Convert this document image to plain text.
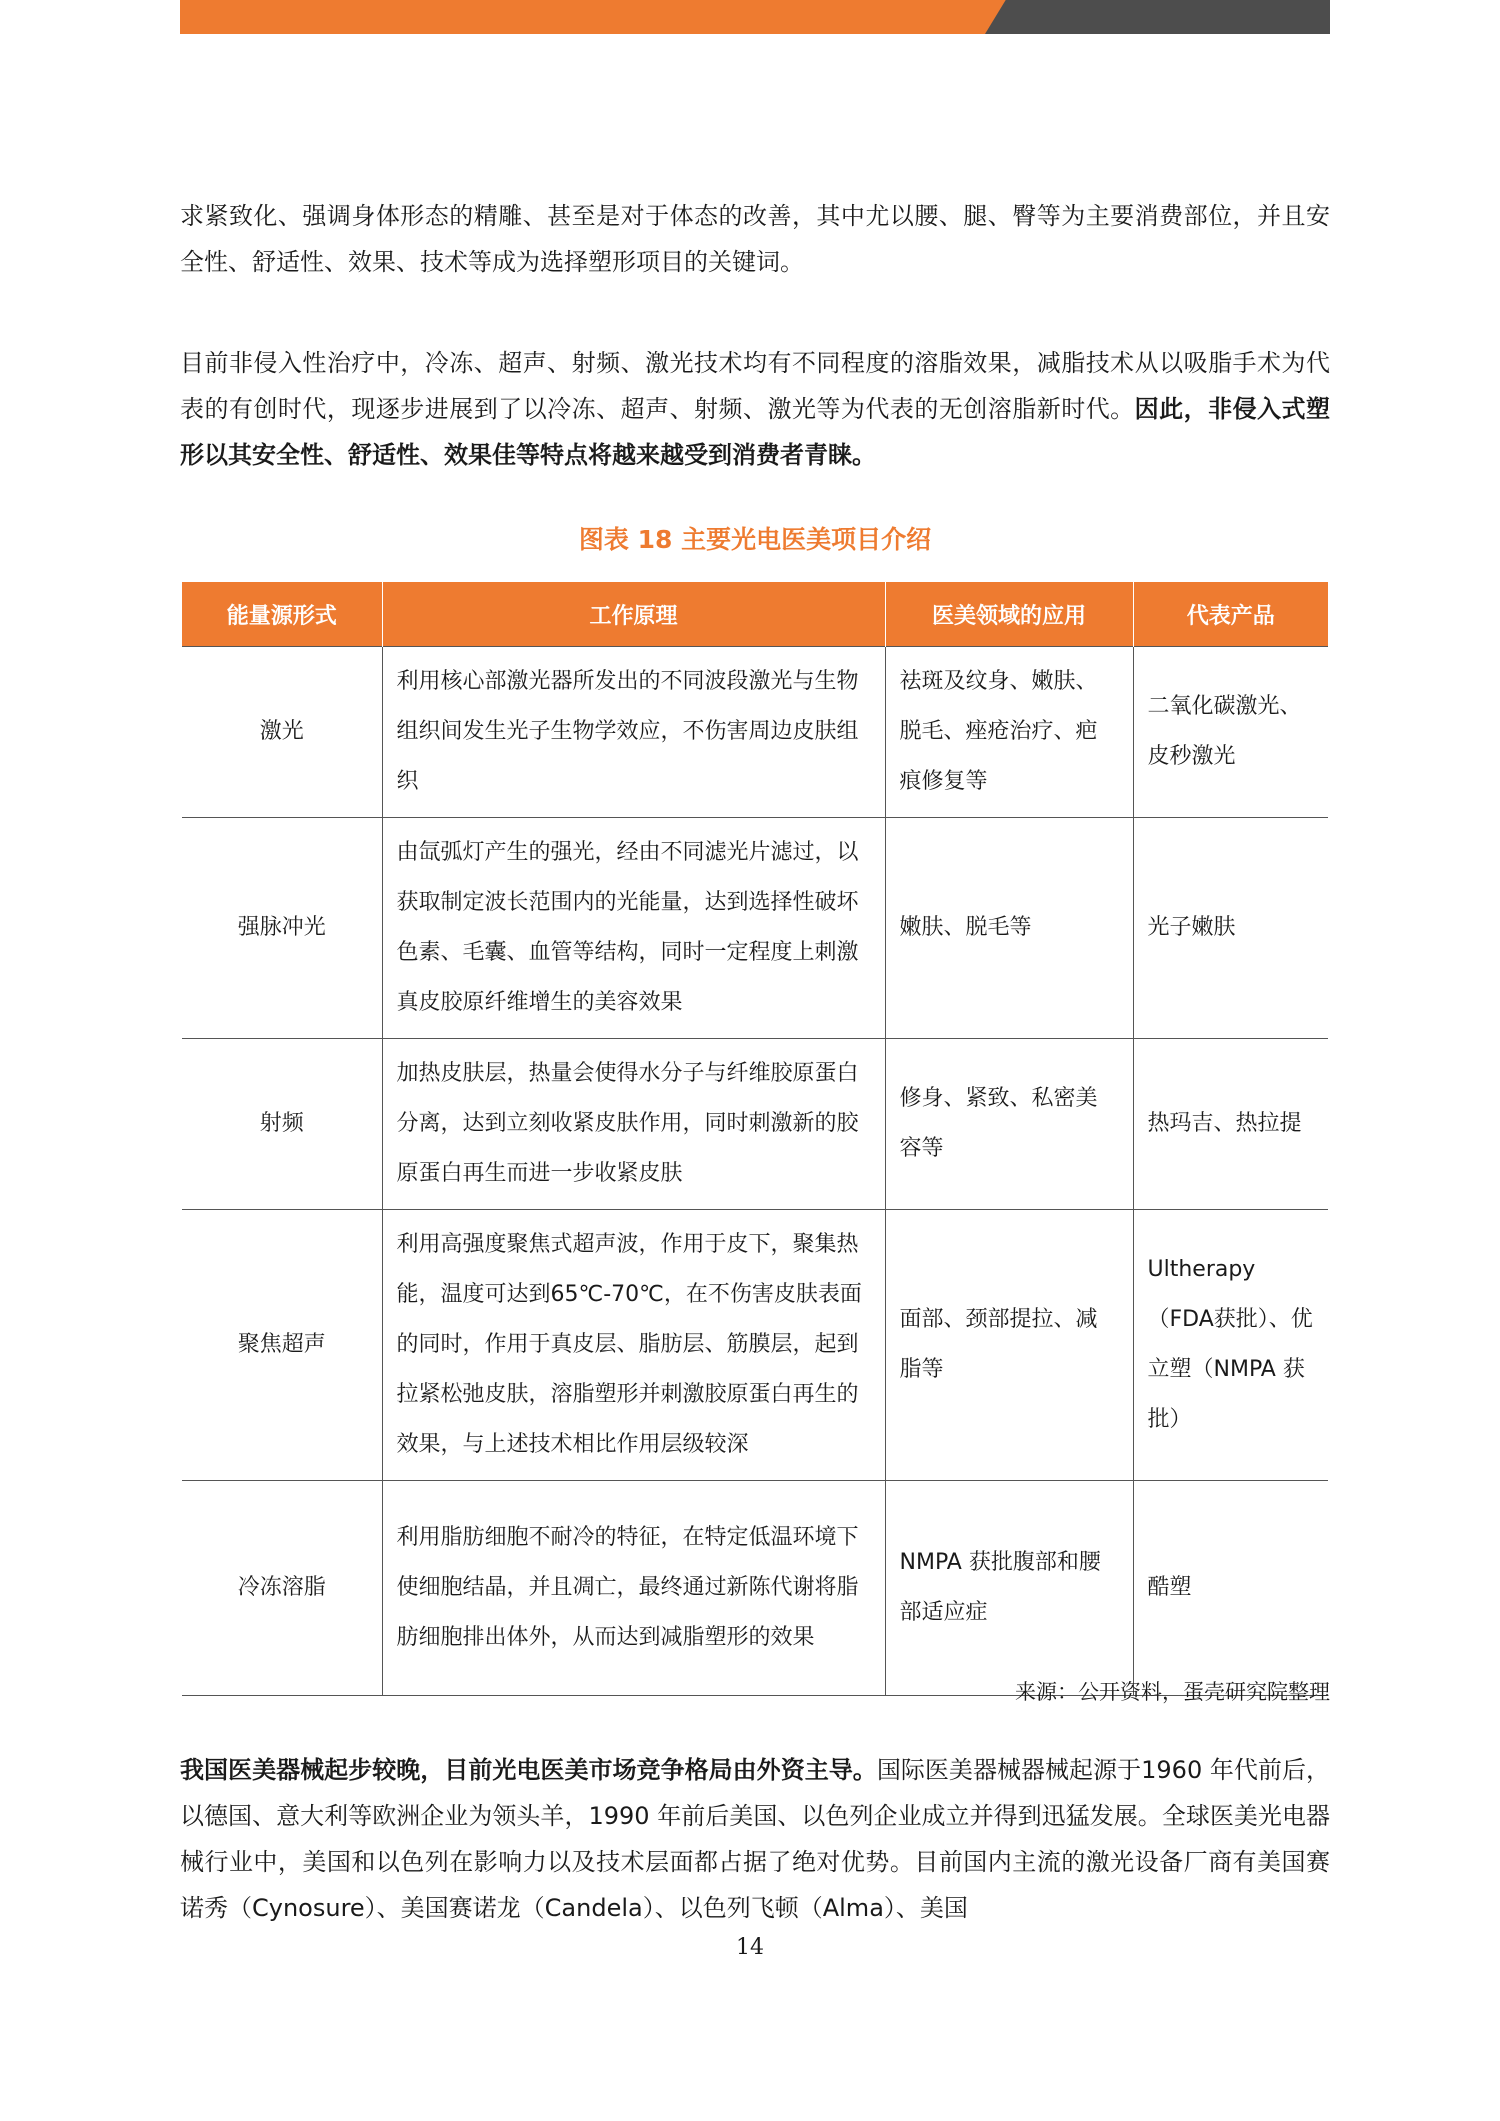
求紧致化、强调身体形态的精雕、甚至是对于体态的改善，其中尤以腰、腿、臀等为主要消费部位，并且安全性、舒适性、效果、技术等成为选择塑形项目的关键词。

目前非侵入性治疗中，冷冻、超声、射频、激光技术均有不同程度的溶脂效果，减脂技术从以吸脂手术为代表的有创时代，现逐步进展到了以冷冻、超声、射频、激光等为代表的无创溶脂新时代。因此，非侵入式塑形以其安全性、舒适性、效果佳等特点将越来越受到消费者青睐。

图表 18 主要光电医美项目介绍
能量源形式	工作原理	医美领域的应用	代表产品
激光	利用核心部激光器所发出的不同波段激光与生物组织间发生光子生物学效应，不伤害周边皮肤组织	祛斑及纹身、嫩肤、脱毛、痤疮治疗、疤痕修复等	二氧化碳激光、皮秒激光
强脉冲光	由氙弧灯产生的强光，经由不同滤光片滤过，以获取制定波长范围内的光能量，达到选择性破坏色素、毛囊、血管等结构，同时一定程度上刺激真皮胶原纤维增生的美容效果	嫩肤、脱毛等	光子嫩肤
射频	加热皮肤层，热量会使得水分子与纤维胶原蛋白分离，达到立刻收紧皮肤作用，同时刺激新的胶原蛋白再生而进一步收紧皮肤	修身、紧致、私密美容等	热玛吉、热拉提
聚焦超声	利用高强度聚焦式超声波，作用于皮下，聚集热能，温度可达到65℃-70℃，在不伤害皮肤表面的同时，作用于真皮层、脂肪层、筋膜层，起到拉紧松弛皮肤，溶脂塑形并刺激胶原蛋白再生的效果，与上述技术相比作用层级较深	面部、颈部提拉、减脂等	Ultherapy（FDA获批）、优立塑（NMPA 获批）
冷冻溶脂	利用脂肪细胞不耐冷的特征，在特定低温环境下使细胞结晶，并且凋亡，最终通过新陈代谢将脂肪细胞排出体外，从而达到减脂塑形的效果	NMPA 获批腹部和腰部适应症	酷塑
来源：公开资料，蛋壳研究院整理

我国医美器械起步较晚，目前光电医美市场竞争格局由外资主导。国际医美器械器械起源于1960 年代前后，以德国、意大利等欧洲企业为领头羊，1990 年前后美国、以色列企业成立并得到迅猛发展。全球医美光电器械行业中，美国和以色列在影响力以及技术层面都占据了绝对优势。目前国内主流的激光设备厂商有美国赛诺秀（Cynosure）、美国赛诺龙（Candela）、以色列飞顿（Alma）、美国

14
